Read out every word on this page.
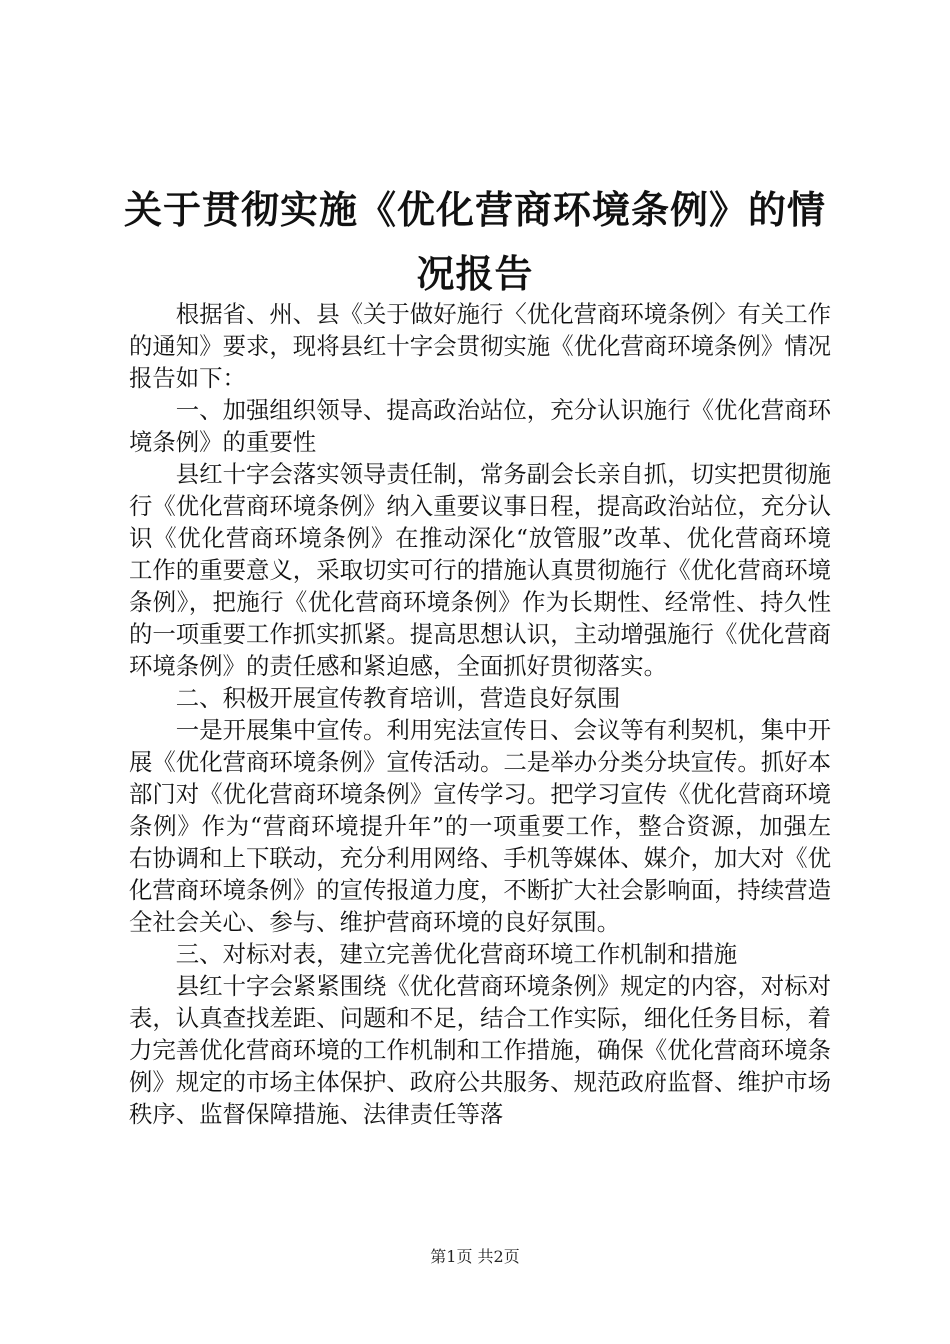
关于贯彻实施《优化营商环境条例》的情况报告

根据省、州、县《关于做好施行〈优化营商环境条例〉有关工作的通知》要求，现将县红十字会贯彻实施《优化营商环境条例》情况报告如下：

一、加强组织领导、提高政治站位，充分认识施行《优化营商环境条例》的重要性

县红十字会落实领导责任制，常务副会长亲自抓，切实把贯彻施行《优化营商环境条例》纳入重要议事日程，提高政治站位，充分认识《优化营商环境条例》在推动深化“放管服”改革、优化营商环境工作的重要意义，采取切实可行的措施认真贯彻施行《优化营商环境条例》，把施行《优化营商环境条例》作为长期性、经常性、持久性的一项重要工作抓实抓紧。提高思想认识，主动增强施行《优化营商环境条例》的责任感和紧迫感，全面抓好贯彻落实。

二、积极开展宣传教育培训，营造良好氛围

一是开展集中宣传。利用宪法宣传日、会议等有利契机，集中开展《优化营商环境条例》宣传活动。二是举办分类分块宣传。抓好本部门对《优化营商环境条例》宣传学习。把学习宣传《优化营商环境条例》作为“营商环境提升年”的一项重要工作，整合资源，加强左右协调和上下联动，充分利用网络、手机等媒体、媒介，加大对《优化营商环境条例》的宣传报道力度，不断扩大社会影响面，持续营造全社会关心、参与、维护营商环境的良好氛围。

三、对标对表，建立完善优化营商环境工作机制和措施

县红十字会紧紧围绕《优化营商环境条例》规定的内容，对标对表，认真查找差距、问题和不足，结合工作实际，细化任务目标，着力完善优化营商环境的工作机制和工作措施，确保《优化营商环境条例》规定的市场主体保护、政府公共服务、规范政府监督、维护市场秩序、监督保障措施、法律责任等落

第1页 共2页
